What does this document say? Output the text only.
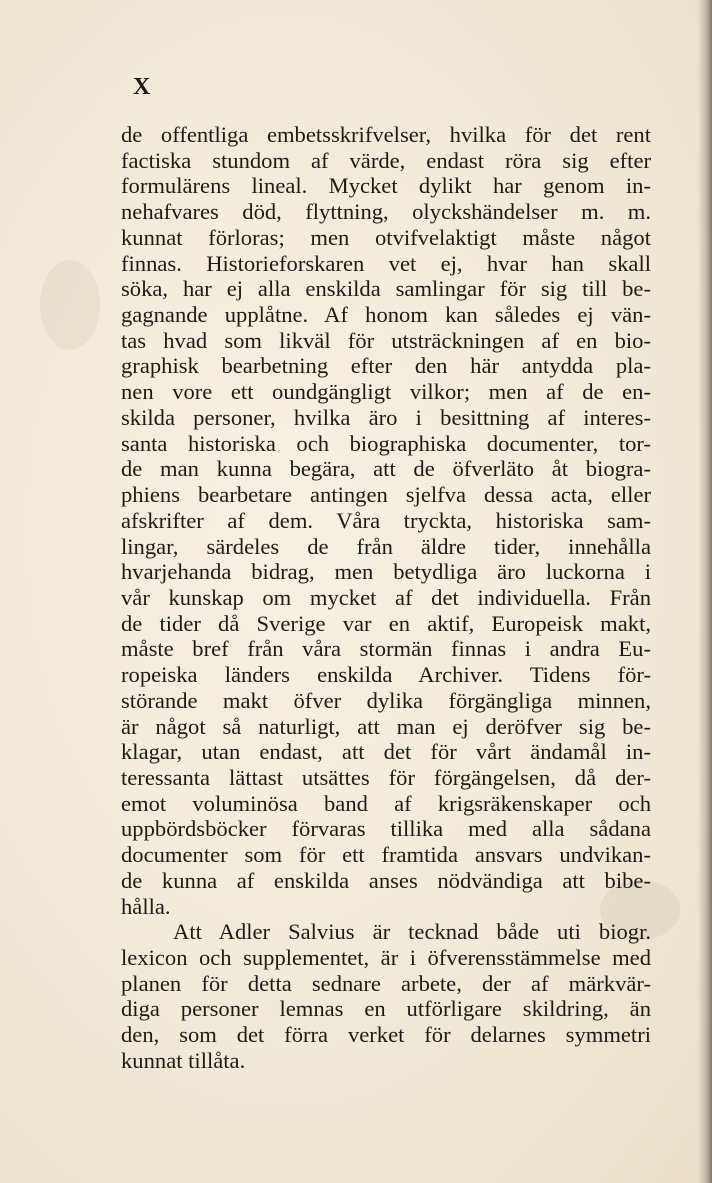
X
de offentliga embetsskrifvelser, hvilka för det rent
factiska stundom af värde, endast röra sig efter
formulärens lineal. Mycket dylikt har genom in-
nehafvares död, flyttning, olyckshändelser m. m.
kunnat förloras; men otvifvelaktigt måste något
finnas. Historieforskaren vet ej, hvar han skall
söka, har ej alla enskilda samlingar för sig till be-
gagnande upplåtne. Af honom kan således ej vän-
tas hvad som likväl för utsträckningen af en bio-
graphisk bearbetning efter den här antydda pla-
nen vore ett oundgängligt vilkor; men af de en-
skilda personer, hvilka äro i besittning af interes-
santa historiska och biographiska documenter, tor-
de man kunna begära, att de öfverläto åt biogra-
phiens bearbetare antingen sjelfva dessa acta, eller
afskrifter af dem. Våra tryckta, historiska sam-
lingar, särdeles de från äldre tider, innehålla
hvarjehanda bidrag, men betydliga äro luckorna i
vår kunskap om mycket af det individuella. Från
de tider då Sverige var en aktif, Europeisk makt,
måste bref från våra stormän finnas i andra Eu-
ropeiska länders enskilda Archiver. Tidens för-
störande makt öfver dylika förgängliga minnen,
är något så naturligt, att man ej deröfver sig be-
klagar, utan endast, att det för vårt ändamål in-
teressanta lättast utsättes för förgängelsen, då der-
emot voluminösa band af krigsräkenskaper och
uppbördsböcker förvaras tillika med alla sådana
documenter som för ett framtida ansvars undvikan-
de kunna af enskilda anses nödvändiga att bibe-
hålla.
Att Adler Salvius är tecknad både uti biogr.
lexicon och supplementet, är i öfverensstämmelse med
planen för detta sednare arbete, der af märkvär-
diga personer lemnas en utförligare skildring, än
den, som det förra verket för delarnes symmetri
kunnat tillåta.
